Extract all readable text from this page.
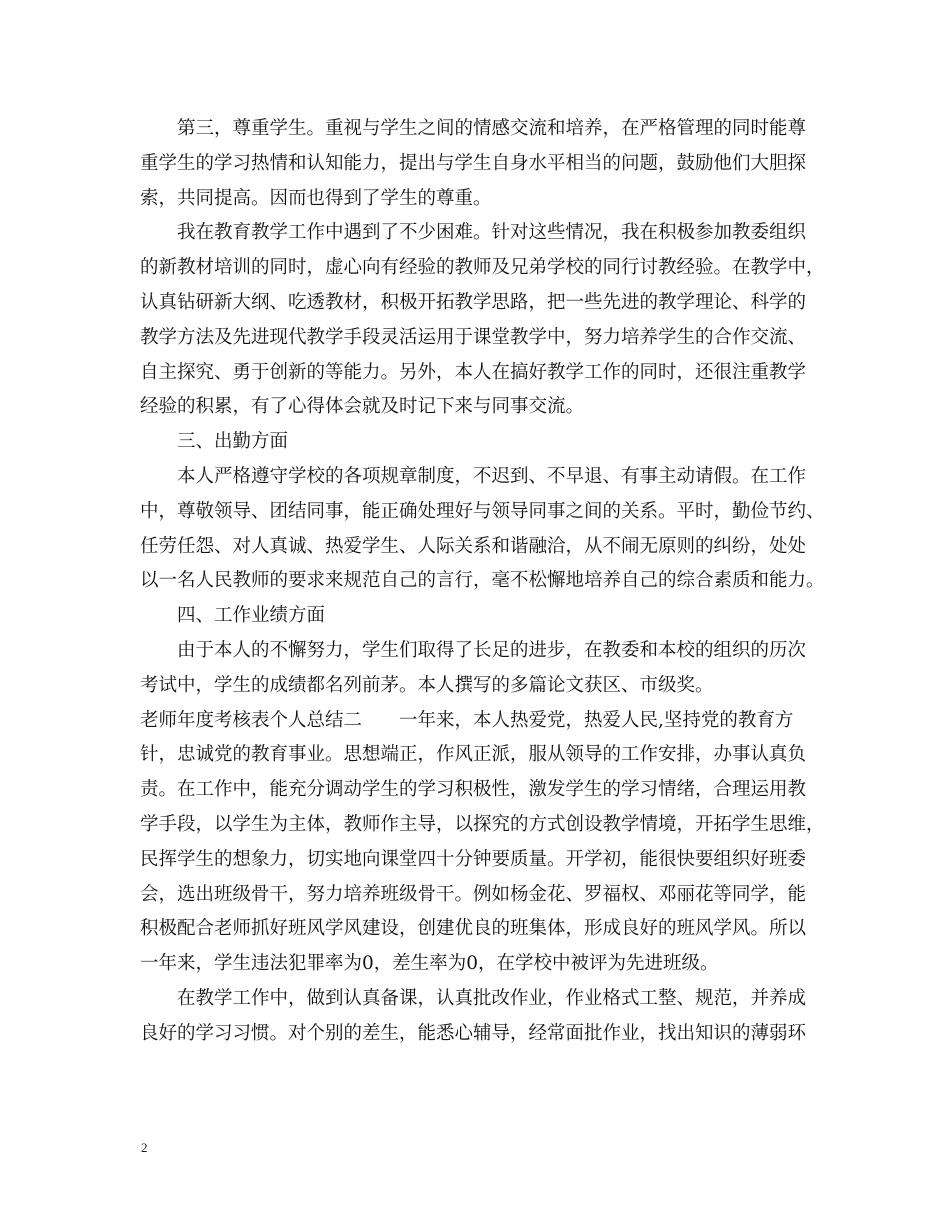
第三，尊重学生。重视与学生之间的情感交流和培养，在严格管理的同时能尊
重学生的学习热情和认知能力，提出与学生自身水平相当的问题，鼓励他们大胆探
索，共同提高。因而也得到了学生的尊重。
我在教育教学工作中遇到了不少困难。针对这些情况，我在积极参加教委组织
的新教材培训的同时，虚心向有经验的教师及兄弟学校的同行讨教经验。在教学中，
认真钻研新大纲、吃透教材，积极开拓教学思路，把一些先进的教学理论、科学的
教学方法及先进现代教学手段灵活运用于课堂教学中，努力培养学生的合作交流、
自主探究、勇于创新的等能力。另外，本人在搞好教学工作的同时，还很注重教学
经验的积累，有了心得体会就及时记下来与同事交流。
三、出勤方面
本人严格遵守学校的各项规章制度，不迟到、不早退、有事主动请假。在工作
中，尊敬领导、团结同事，能正确处理好与领导同事之间的关系。平时，勤俭节约、
任劳任怨、对人真诚、热爱学生、人际关系和谐融洽，从不闹无原则的纠纷，处处
以一名人民教师的要求来规范自己的言行，毫不松懈地培养自己的综合素质和能力。
四、工作业绩方面
由于本人的不懈努力，学生们取得了长足的进步，在教委和本校的组织的历次
考试中，学生的成绩都名列前茅。本人撰写的多篇论文获区、市级奖。
老师年度考核表个人总结二　　一年来，本人热爱党，热爱人民,坚持党的教育方
针，忠诚党的教育事业。思想端正，作风正派，服从领导的工作安排，办事认真负
责。在工作中，能充分调动学生的学习积极性，激发学生的学习情绪，合理运用教
学手段，以学生为主体，教师作主导，以探究的方式创设教学情境，开拓学生思维，
民挥学生的想象力，切实地向课堂四十分钟要质量。开学初，能很快要组织好班委
会，选出班级骨干，努力培养班级骨干。例如杨金花、罗福权、邓丽花等同学，能
积极配合老师抓好班风学风建设，创建优良的班集体，形成良好的班风学风。所以
一年来，学生违法犯罪率为0，差生率为0，在学校中被评为先进班级。
在教学工作中，做到认真备课，认真批改作业，作业格式工整、规范，并养成
良好的学习习惯。对个别的差生，能悉心辅导，经常面批作业，找出知识的薄弱环
2
